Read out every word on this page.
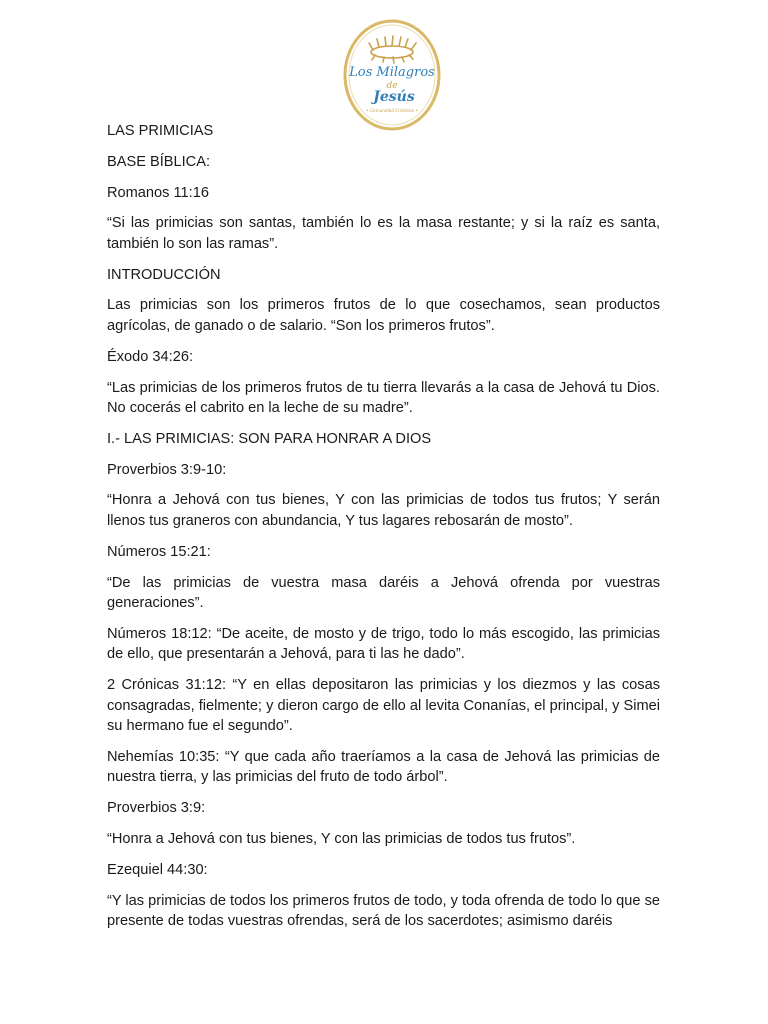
Los Milagros
de
Jesús
• Comunidad Cristiana •

LAS PRIMICIAS

BASE BÍBLICA:

Romanos 11:16

“Si las primicias son santas, también lo es la masa restante; y si la raíz es santa, también lo son las ramas”.

INTRODUCCIÓN

Las primicias son los primeros frutos de lo que cosechamos, sean productos agrícolas, de ganado o de salario. “Son los primeros frutos”.

Éxodo 34:26:

“Las primicias de los primeros frutos de tu tierra llevarás a la casa de Jehová tu Dios. No cocerás el cabrito en la leche de su madre”.

I.- LAS PRIMICIAS: SON PARA HONRAR A DIOS

Proverbios 3:9-10:

“Honra a Jehová con tus bienes, Y con las primicias de todos tus frutos; Y serán llenos tus graneros con abundancia, Y tus lagares rebosarán de mosto”.

Números 15:21:

“De las primicias de vuestra masa daréis a Jehová ofrenda por vuestras generaciones”.

Números 18:12: “De aceite, de mosto y de trigo, todo lo más escogido, las primicias de ello, que presentarán a Jehová, para ti las he dado”.

2 Crónicas 31:12: “Y en ellas depositaron las primicias y los diezmos y las cosas consagradas, fielmente; y dieron cargo de ello al levita Conanías, el principal, y Simei su hermano fue el segundo”.

Nehemías 10:35: “Y que cada año traeríamos a la casa de Jehová las primicias de nuestra tierra, y las primicias del fruto de todo árbol”.

Proverbios 3:9:

“Honra a Jehová con tus bienes, Y con las primicias de todos tus frutos”.

Ezequiel 44:30:

“Y las primicias de todos los primeros frutos de todo, y toda ofrenda de todo lo que se presente de todas vuestras ofrendas, será de los sacerdotes; asimismo daréis
